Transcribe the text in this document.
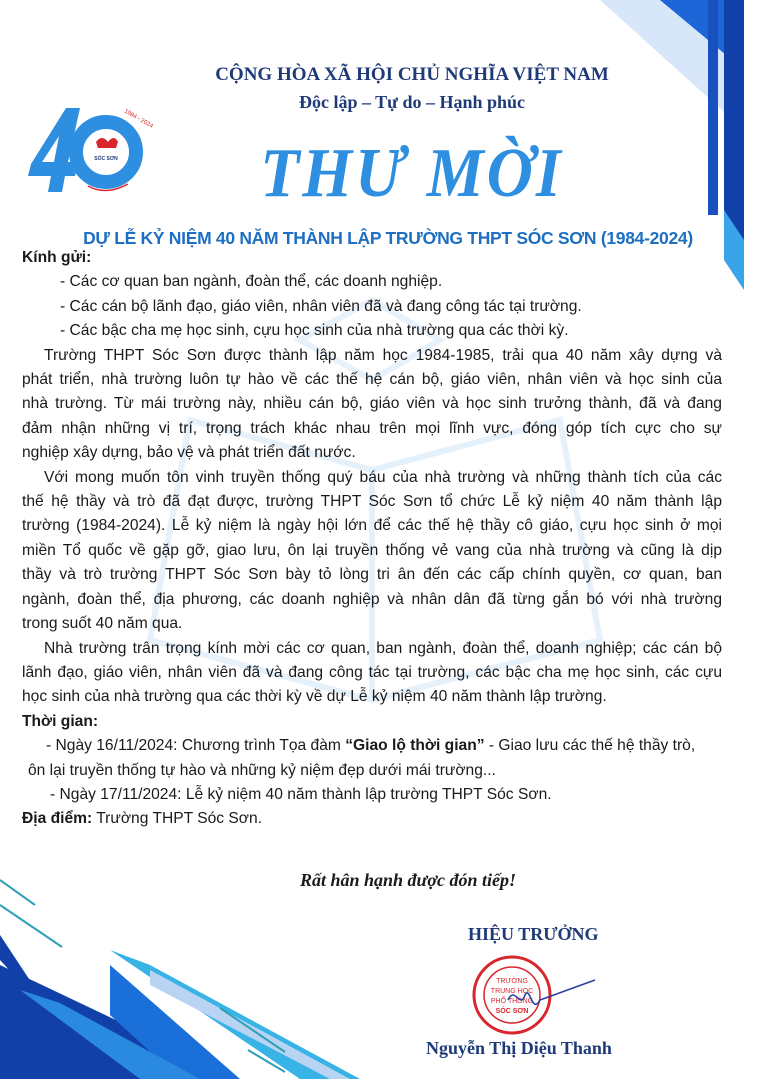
SÓC SƠN
1984 - 2024
CỘNG HÒA XÃ HỘI CHỦ NGHĨA VIỆT NAM
Độc lập – Tự do – Hạnh phúc
THƯ MỜI
DỰ LỄ KỶ NIỆM 40 NĂM THÀNH LẬP TRƯỜNG THPT SÓC SƠN (1984-2024)
Kính gửi:
- Các cơ quan ban ngành, đoàn thể, các doanh nghiệp.
- Các cán bộ lãnh đạo, giáo viên, nhân viên đã và đang công tác tại trường.
- Các bậc cha mẹ học sinh, cựu học sinh của nhà trường qua các thời kỳ.
Trường THPT Sóc Sơn được thành lập năm học 1984-1985, trải qua 40 năm xây dựng và
phát triển, nhà trường luôn tự hào về các thế hệ cán bộ, giáo viên, nhân viên và học sinh của
nhà trường. Từ mái trường này, nhiều cán bộ, giáo viên và học sinh trưởng thành, đã và đang
đảm nhận những vị trí, trọng trách khác nhau trên mọi lĩnh vực, đóng góp tích cực cho sự
nghiệp xây dựng, bảo vệ và phát triển đất nước.
Với mong muốn tôn vinh truyền thống quý báu của nhà trường và những thành tích của các
thế hệ thầy và trò đã đạt được, trường THPT Sóc Sơn tổ chức Lễ kỷ niệm 40 năm thành lập
trường (1984-2024). Lễ kỷ niệm là ngày hội lớn để các thế hệ thầy cô giáo, cựu học sinh ở mọi
miền Tổ quốc về gặp gỡ, giao lưu, ôn lại truyền thống vẻ vang của nhà trường và cũng là dịp
thầy và trò trường THPT Sóc Sơn bày tỏ lòng tri ân đến các cấp chính quyền, cơ quan, ban
ngành, đoàn thể, địa phương, các doanh nghiệp và nhân dân đã từng gắn bó với nhà trường
trong suốt 40 năm qua.
Nhà trường trân trọng kính mời các cơ quan, ban ngành, đoàn thể, doanh nghiệp; các cán bộ
lãnh đạo, giáo viên, nhân viên đã và đang công tác tại trường, các bậc cha mẹ học sinh, các cựu
học sinh của nhà trường qua các thời kỳ về dự Lễ kỷ niệm 40 năm thành lập trường.
Thời gian:
- Ngày 16/11/2024: Chương trình Tọa đàm “Giao lộ thời gian” - Giao lưu các thế hệ thầy trò,
ôn lại truyền thống tự hào và những kỷ niệm đẹp dưới mái trường...
- Ngày 17/11/2024: Lễ kỷ niệm 40 năm thành lập trường THPT Sóc Sơn.
Địa điểm: Trường THPT Sóc Sơn.
Rất hân hạnh được đón tiếp!
HIỆU TRƯỞNG
TRƯỜNG
TRUNG HỌC
PHỔ THÔNG
SÓC SƠN
Nguyễn Thị Diệu Thanh
